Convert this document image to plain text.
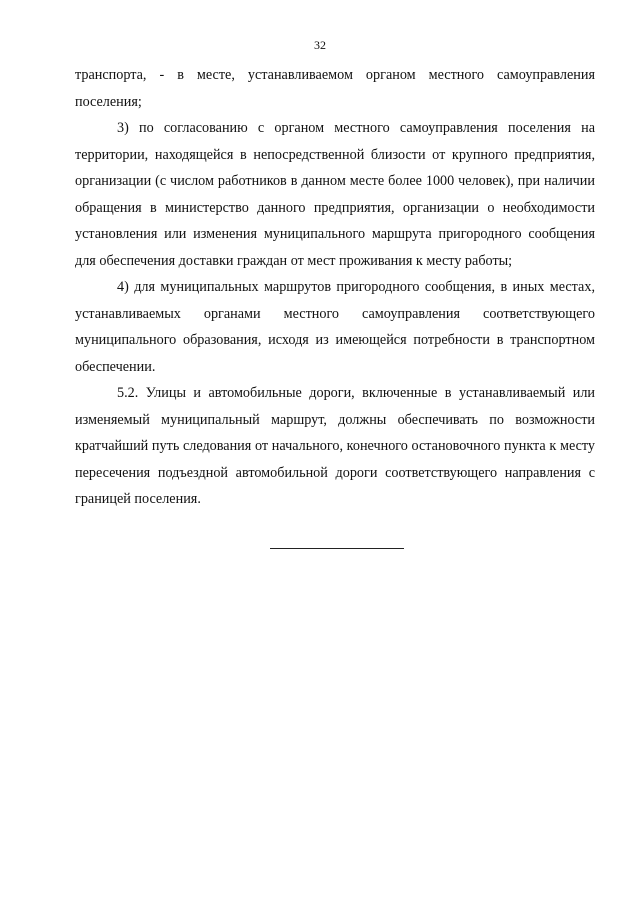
32

транспорта, - в месте, устанавливаемом органом местного самоуправления поселения;

3) по согласованию с органом местного самоуправления поселения на территории, находящейся в непосредственной близости от крупного предприятия, организации (с числом работников в данном месте более 1000 человек), при наличии обращения в министерство данного предприятия, организации о необходимости установления или изменения муниципального маршрута пригородного сообщения для обеспечения доставки граждан от мест проживания к месту работы;

4) для муниципальных маршрутов пригородного сообщения, в иных местах, устанавливаемых органами местного самоуправления соответствующего муниципального образования, исходя из имеющейся потребности в транспортном обеспечении.

5.2. Улицы и автомобильные дороги, включенные в устанавливаемый или изменяемый муниципальный маршрут, должны обеспечивать по возможности кратчайший путь следования от начального, конечного остановочного пункта к месту пересечения подъездной автомобильной дороги соответствующего направления с границей поселения.
